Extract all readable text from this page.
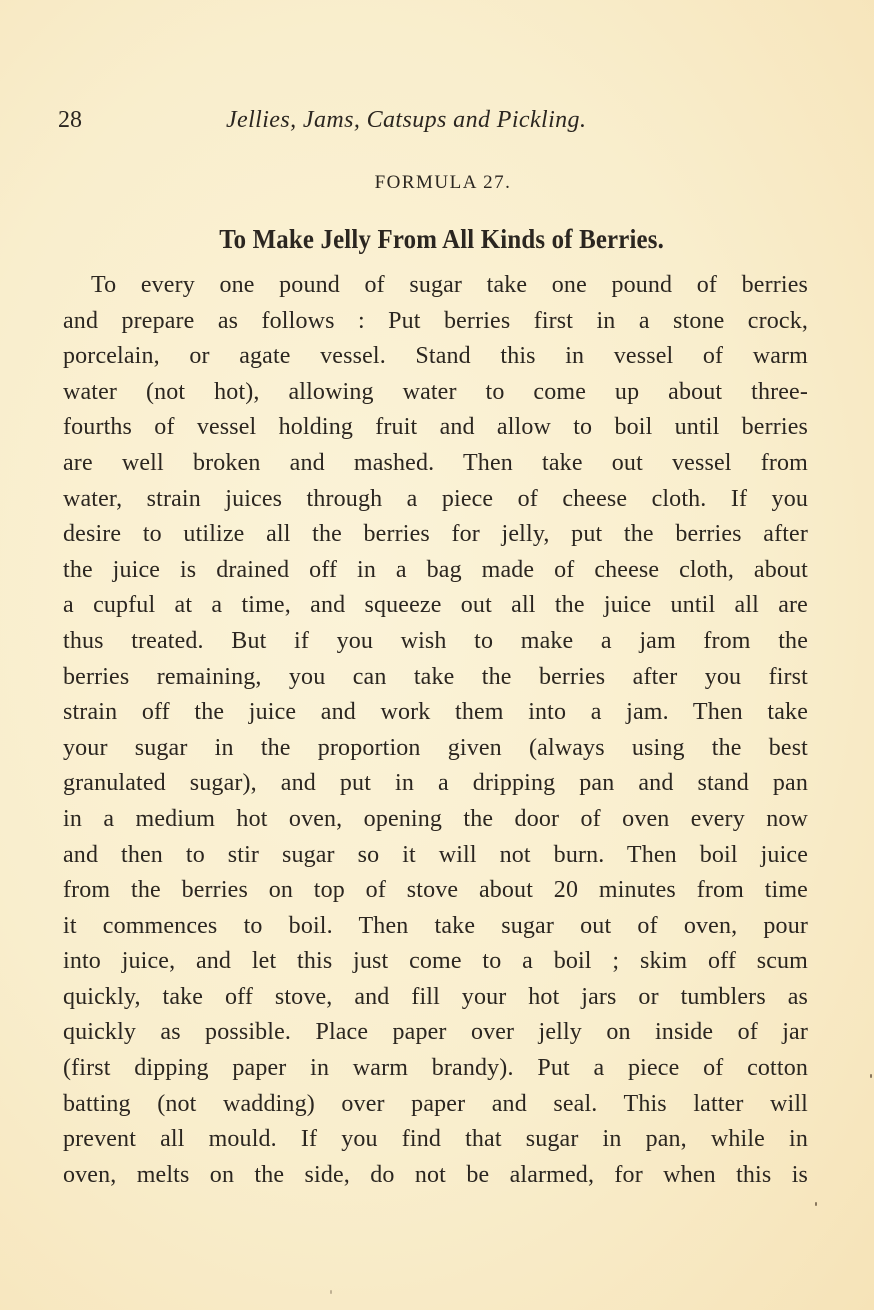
28	Jellies, Jams, Catsups and Pickling.
FORMULA 27.
To Make Jelly From All Kinds of Berries.
To every one pound of sugar take one pound of berries
and prepare as follows : Put berries first in a stone crock,
porcelain, or agate vessel. Stand this in vessel of warm
water (not hot), allowing water to come up about three-
fourths of vessel holding fruit and allow to boil until berries
are well broken and mashed. Then take out vessel from
water, strain juices through a piece of cheese cloth. If you
desire to utilize all the berries for jelly, put the berries after
the juice is drained off in a bag made of cheese cloth, about
a cupful at a time, and squeeze out all the juice until all are
thus treated. But if you wish to make a jam from the
berries remaining, you can take the berries after you first
strain off the juice and work them into a jam. Then take
your sugar in the proportion given (always using the best
granulated sugar), and put in a dripping pan and stand pan
in a medium hot oven, opening the door of oven every now
and then to stir sugar so it will not burn. Then boil juice
from the berries on top of stove about 20 minutes from time
it commences to boil. Then take sugar out of oven, pour
into juice, and let this just come to a boil ; skim off scum
quickly, take off stove, and fill your hot jars or tumblers as
quickly as possible. Place paper over jelly on inside of jar
(first dipping paper in warm brandy). Put a piece of cotton
batting (not wadding) over paper and seal. This latter will
prevent all mould. If you find that sugar in pan, while in
oven, melts on the side, do not be alarmed, for when this is
